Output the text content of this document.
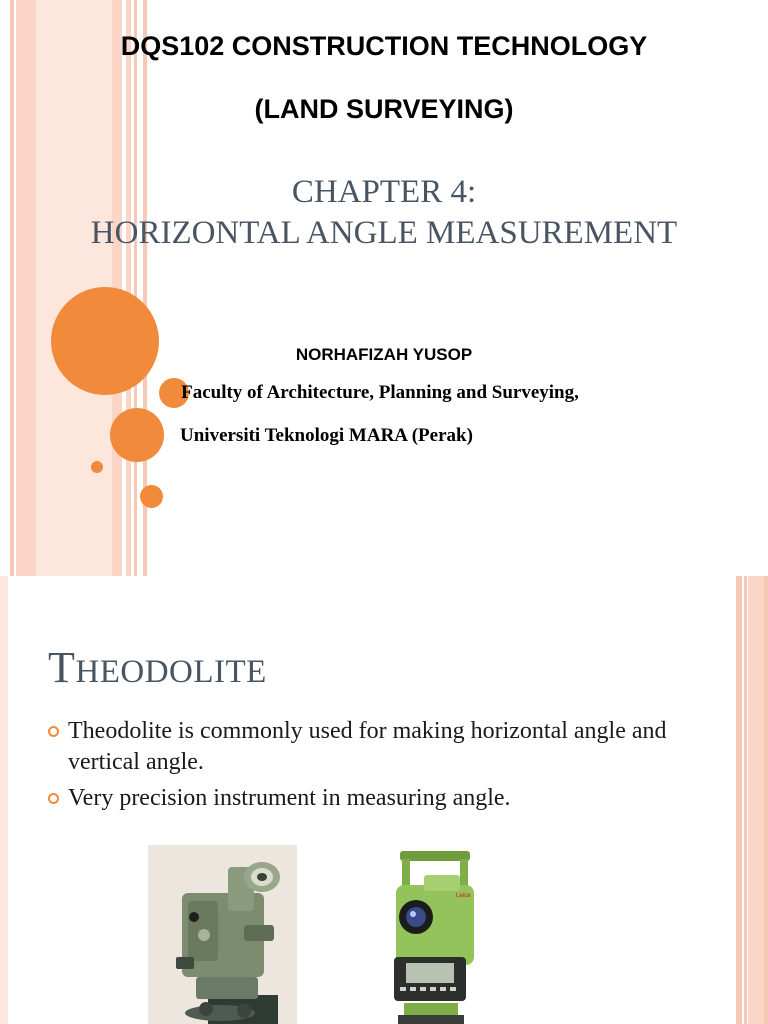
DQS102 CONSTRUCTION TECHNOLOGY
(LAND SURVEYING)
CHAPTER 4:
HORIZONTAL ANGLE MEASUREMENT
NORHAFIZAH YUSOP
Faculty of Architecture, Planning and Surveying,
Universiti Teknologi MARA (Perak)
THEODOLITE
Theodolite is commonly used for making horizontal angle and vertical angle.
Very precision instrument in measuring angle.
Leica
